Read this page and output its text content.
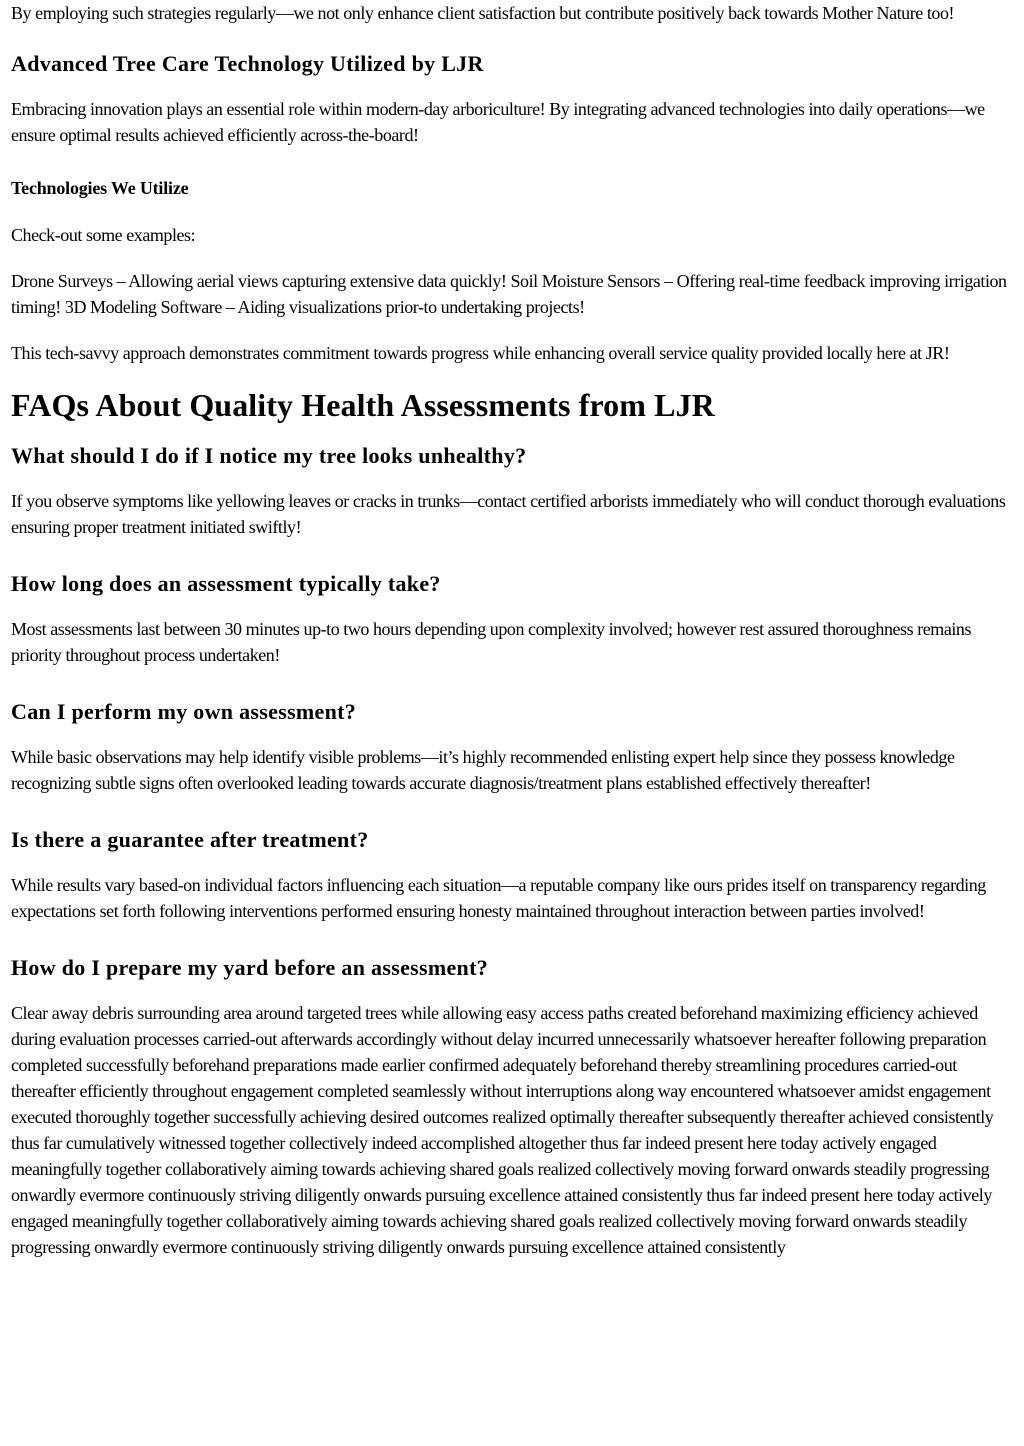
By employing such strategies regularly—we not only enhance client satisfaction but contribute positively back towards Mother Nature too!

Advanced Tree Care Technology Utilized by LJR

Embracing innovation plays an essential role within modern-day arboriculture! By integrating advanced technologies into daily operations—we ensure optimal results achieved efficiently across-the-board!

Technologies We Utilize

Check-out some examples:

Drone Surveys – Allowing aerial views capturing extensive data quickly! Soil Moisture Sensors – Offering real-time feedback improving irrigation timing! 3D Modeling Software – Aiding visualizations prior-to undertaking projects!

This tech-savvy approach demonstrates commitment towards progress while enhancing overall service quality provided locally here at JR!

FAQs About Quality Health Assessments from LJR
What should I do if I notice my tree looks unhealthy?

If you observe symptoms like yellowing leaves or cracks in trunks—contact certified arborists immediately who will conduct thorough evaluations ensuring proper treatment initiated swiftly!

How long does an assessment typically take?

Most assessments last between 30 minutes up-to two hours depending upon complexity involved; however rest assured thoroughness remains priority throughout process undertaken!

Can I perform my own assessment?

While basic observations may help identify visible problems—it’s highly recommended enlisting expert help since they possess knowledge recognizing subtle signs often overlooked leading towards accurate diagnosis/treatment plans established effectively thereafter!

Is there a guarantee after treatment?

While results vary based-on individual factors influencing each situation—a reputable company like ours prides itself on transparency regarding expectations set forth following interventions performed ensuring honesty maintained throughout interaction between parties involved!

How do I prepare my yard before an assessment?

Clear away debris surrounding area around targeted trees while allowing easy access paths created beforehand maximizing efficiency achieved during evaluation processes carried-out afterwards accordingly without delay incurred unnecessarily whatsoever hereafter following preparation completed successfully beforehand preparations made earlier confirmed adequately beforehand thereby streamlining procedures carried-out thereafter efficiently throughout engagement completed seamlessly without interruptions along way encountered whatsoever amidst engagement executed thoroughly together successfully achieving desired outcomes realized optimally thereafter subsequently thereafter achieved consistently thus far cumulatively witnessed together collectively indeed accomplished altogether thus far indeed present here today actively engaged meaningfully together collaboratively aiming towards achieving shared goals realized collectively moving forward onwards steadily progressing onwardly evermore continuously striving diligently onwards pursuing excellence attained consistently thus far indeed present here today actively engaged meaningfully together collaboratively aiming towards achieving shared goals realized collectively moving forward onwards steadily progressing onwardly evermore continuously striving diligently onwards pursuing excellence attained consistently
